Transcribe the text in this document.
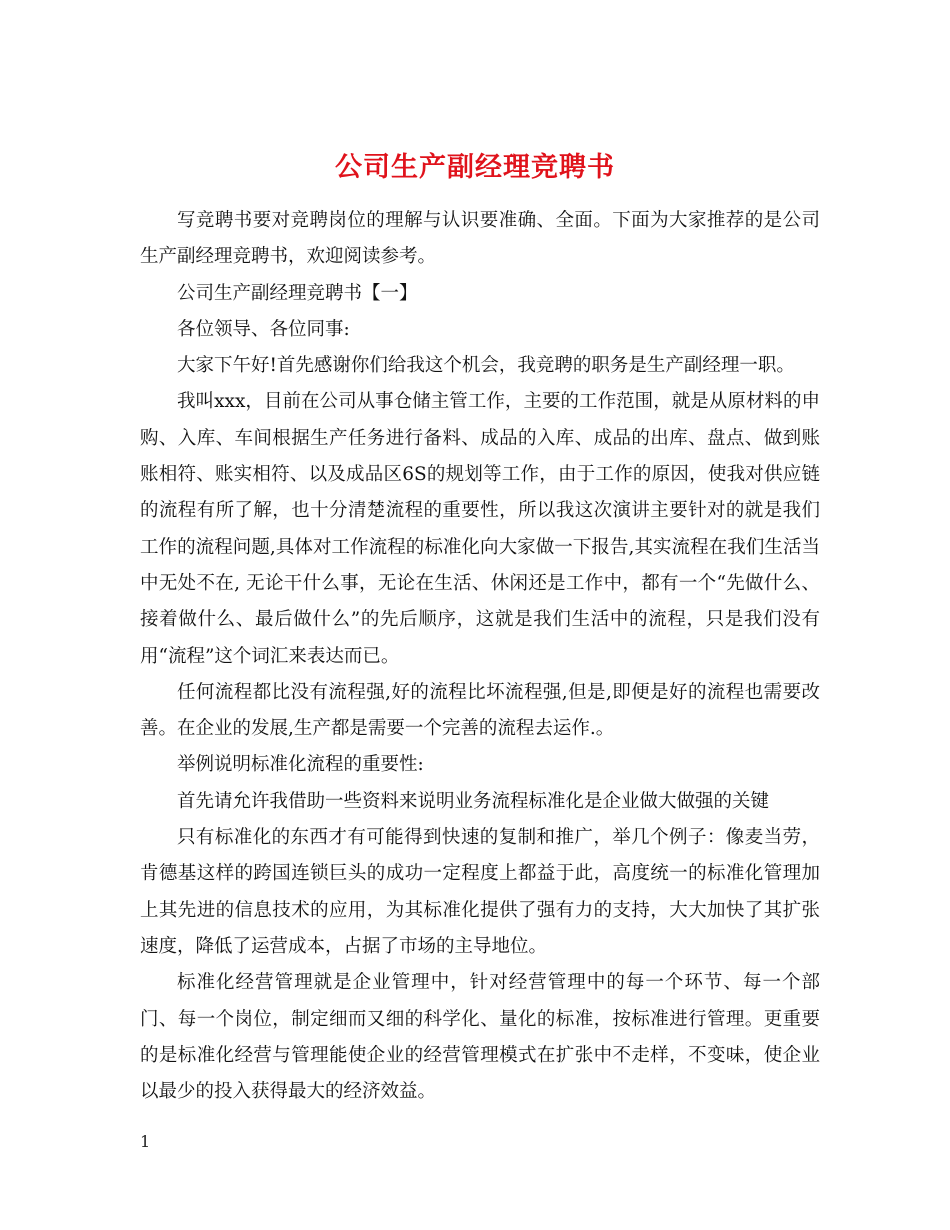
公司生产副经理竞聘书

写竞聘书要对竞聘岗位的理解与认识要准确、全面。下面为大家推荐的是公司生产副经理竞聘书，欢迎阅读参考。

公司生产副经理竞聘书【一】

各位领导、各位同事:

大家下午好!首先感谢你们给我这个机会，我竞聘的职务是生产副经理一职。

我叫xxx，目前在公司从事仓储主管工作，主要的工作范围，就是从原材料的申购、入库、车间根据生产任务进行备料、成品的入库、成品的出库、盘点、做到账账相符、账实相符、以及成品区6S的规划等工作，由于工作的原因，使我对供应链的流程有所了解，也十分清楚流程的重要性，所以我这次演讲主要针对的就是我们工作的流程问题,具体对工作流程的标准化向大家做一下报告,其实流程在我们生活当中无处不在, 无论干什么事，无论在生活、休闲还是工作中，都有一个“先做什么、接着做什么、最后做什么”的先后顺序，这就是我们生活中的流程，只是我们没有用“流程”这个词汇来表达而已。

任何流程都比没有流程强,好的流程比坏流程强,但是,即便是好的流程也需要改善。在企业的发展,生产都是需要一个完善的流程去运作.。

举例说明标准化流程的重要性:

首先请允许我借助一些资料来说明业务流程标准化是企业做大做强的关键

只有标准化的东西才有可能得到快速的复制和推广，举几个例子：像麦当劳，肯德基这样的跨国连锁巨头的成功一定程度上都益于此，高度统一的标准化管理加上其先进的信息技术的应用，为其标准化提供了强有力的支持，大大加快了其扩张速度，降低了运营成本，占据了市场的主导地位。

标准化经营管理就是企业管理中，针对经营管理中的每一个环节、每一个部门、每一个岗位，制定细而又细的科学化、量化的标准，按标准进行管理。更重要的是标准化经营与管理能使企业的经营管理模式在扩张中不走样，不变味，使企业以最少的投入获得最大的经济效益。

1
